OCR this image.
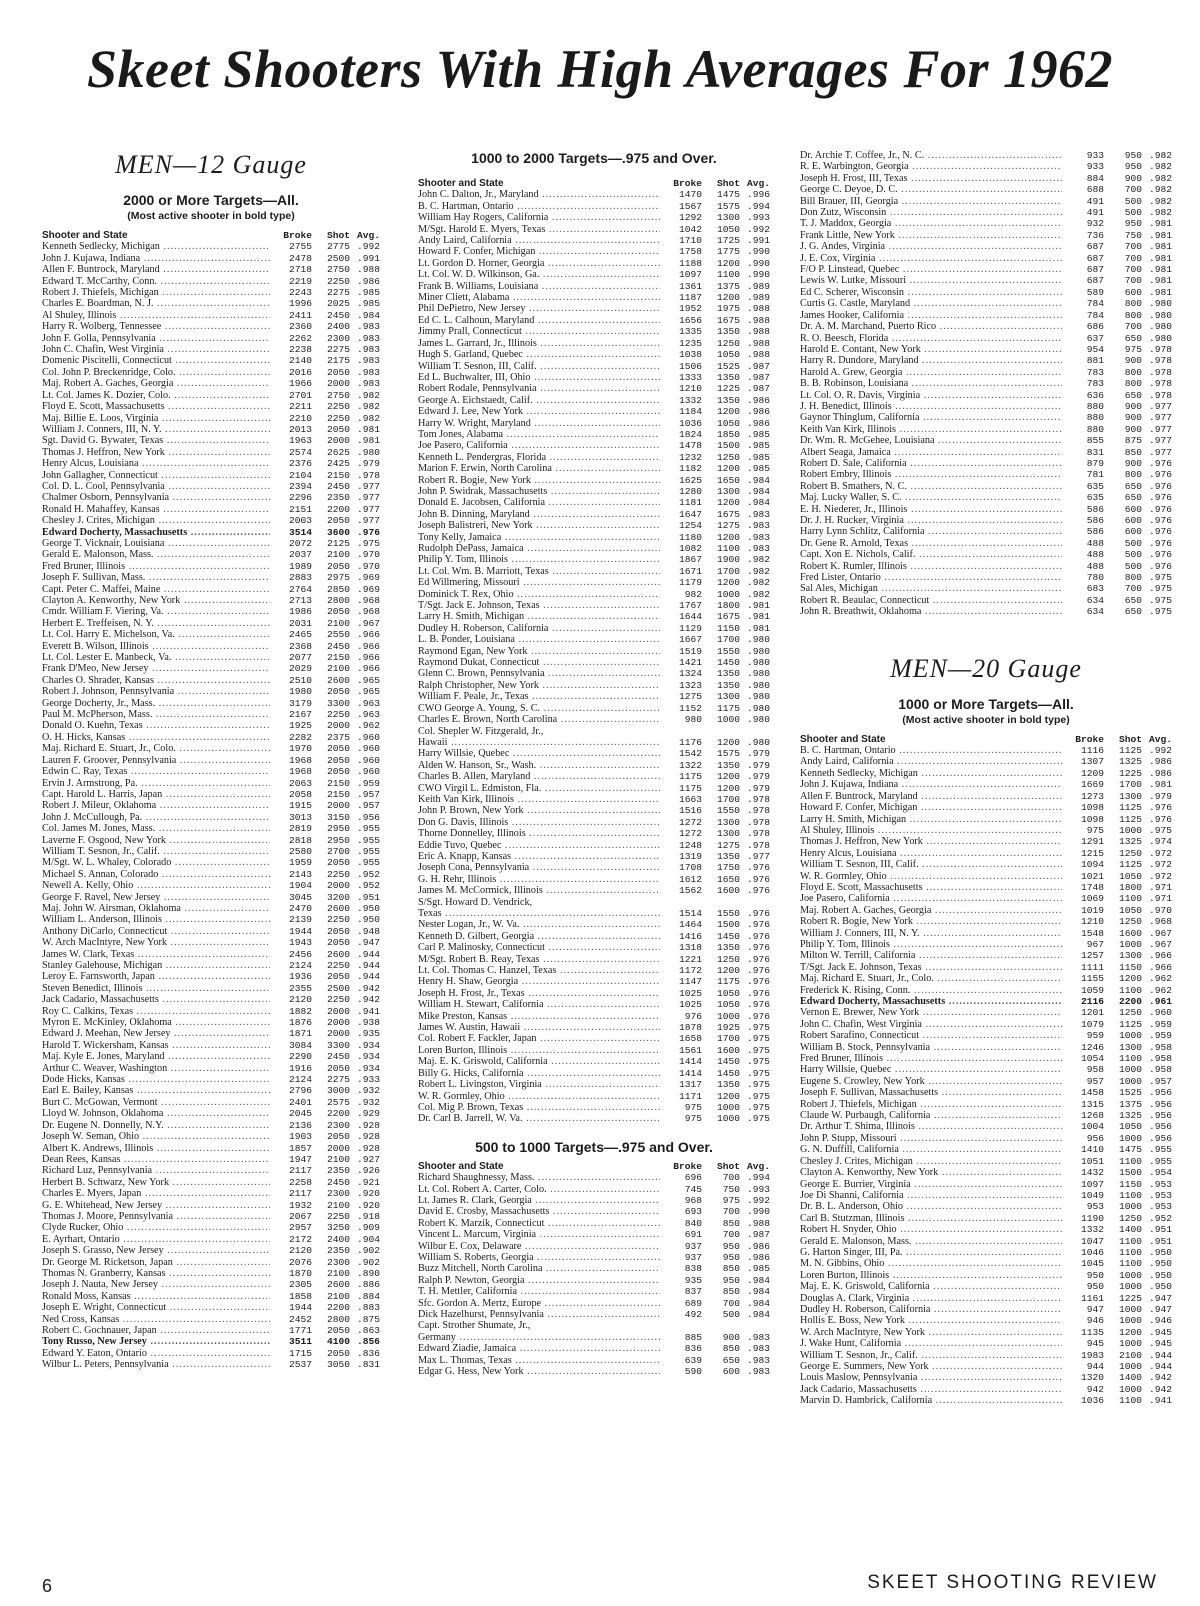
Skeet Shooters With High Averages For 1962
MEN—12 Gauge
2000 or More Targets—All.
(Most active shooter in bold type)
Shooter and State	Broke	Shot Avg.
Kenneth Sedlecky, Michigan .....	2755	2775 .992
John J. Kujawa, Indiana .....	2478	2500 .991
Allen F. Buntrock, Maryland .....	2718	2750 .988
Edward T. McCarthy, Conn. .....	2219	2250 .986
Robert J. Thiefels, Michigan .....	2243	2275 .985
Charles E. Boardman, N. J. .....	1996	2025 .985
Al Shuley, Illinois .....	2411	2450 .984
Harry R. Wolberg, Tennessee .....	2360	2400 .983
John F. Golla, Pennsylvania .....	2262	2300 .983
John C. Chafin, West Virginia .....	2238	2275 .983
Domenic Piscitelli, Connecticut .....	2140	2175 .983
Col. John P. Breckenridge, Colo. .....	2016	2050 .983
Maj. Robert A. Gaches, Georgia .....	1966	2000 .983
Lt. Col. James K. Dozier, Colo. .....	2701	2750 .982
Floyd E. Scott, Massachusetts .....	2211	2250 .982
Maj. Billie E. Loos, Virginia .....	2210	2250 .982
William J. Conners, III, N. Y. .....	2013	2050 .981
Sgt. David G. Bywater, Texas .....	1963	2000 .981
Thomas J. Heffron, New York .....	2574	2625 .980
Henry Alcus, Louisiana .....	2376	2425 .979
John Gallagher, Connecticut .....	2104	2150 .978
Col. D. L. Cool, Pennsylvania .....	2394	2450 .977
Chalmer Osborn, Pennsylvania .....	2296	2350 .977
Ronald H. Mahaffey, Kansas .....	2151	2200 .977
Chesley J. Crites, Michigan .....	2003	2050 .977
Edward Docherty, Massachusetts .....	3514	3600 .976
George T. Vicknair, Louisiana .....	2072	2125 .975
Gerald E. Malonson, Mass. .....	2037	2100 .970
Fred Bruner, Illinois .....	1989	2050 .970
Joseph F. Sullivan, Mass. .....	2883	2975 .969
Capt. Peter C. Maffei, Maine .....	2764	2850 .969
Clayton A. Kenworthy, New York .....	2713	2800 .968
Cmdr. William F. Viering, Va. .....	1986	2050 .968
Herbert E. Treffeisen, N. Y. .....	2031	2100 .967
Lt. Col. Harry E. Michelson, Va. .....	2465	2550 .966
Everett B. Wilson, Illinois .....	2368	2450 .966
Lt. Col. Lester E. Manbeck, Va. .....	2077	2150 .966
Frank D'Meo, New Jersey .....	2029	2100 .966
Charles O. Shrader, Kansas .....	2510	2600 .965
Robert J. Johnson, Pennsylvania .....	1980	2050 .965
George Docherty, Jr., Mass. .....	3179	3300 .963
Paul M. McPherson, Mass. .....	2167	2250 .963
Donald O. Kuehn, Texas .....	1925	2000 .962
O. H. Hicks, Kansas .....	2282	2375 .960
Maj. Richard E. Stuart, Jr., Colo. .....	1970	2050 .960
Lauren F. Groover, Pennsylvania .....	1968	2050 .960
Edwin C. Ray, Texas .....	1968	2050 .960
Ervin J. Armstrong, Pa. .....	2063	2150 .959
Capt. Harold L. Harris, Japan .....	2058	2150 .957
Robert J. Mileur, Oklahoma .....	1915	2000 .957
John J. McCullough, Pa. .....	3013	3150 .956
Col. James M. Jones, Mass. .....	2819	2950 .955
Laverne F. Osgood, New York .....	2818	2950 .955
William T. Sesnon, Jr., Calif. .....	2580	2700 .955
M/Sgt. W. L. Whaley, Colorado .....	1959	2050 .955
Michael S. Annan, Colorado .....	2143	2250 .952
Newell A. Kelly, Ohio .....	1904	2000 .952
George F. Ravel, New Jersey .....	3045	3200 .951
Maj. John W. Airsman, Oklahoma .....	2470	2600 .950
William L. Anderson, Illinois .....	2139	2250 .950
Anthony DiCarlo, Connecticut .....	1944	2050 .948
W. Arch MacIntyre, New York .....	1943	2050 .947
James W. Clark, Texas .....	2456	2600 .944
Stanley Galehouse, Michigan .....	2124	2250 .944
Leroy E. Farnsworth, Japan .....	1936	2050 .944
Steven Benedict, Illinois .....	2355	2500 .942
Jack Cadario, Massachusetts .....	2120	2250 .942
Roy C. Calkins, Texas .....	1882	2000 .941
Myron E. McKinley, Oklahoma .....	1876	2000 .938
Edward J. Meehan, New Jersey .....	1871	2000 .935
Harold T. Wickersham, Kansas .....	3084	3300 .934
Maj. Kyle E. Jones, Maryland .....	2290	2450 .934
Arthur C. Weaver, Washington .....	1916	2050 .934
Dode Hicks, Kansas .....	2124	2275 .933
Earl E. Bailey, Kansas .....	2796	3000 .932
Burt C. McGowan, Vermont .....	2401	2575 .932
Lloyd W. Johnson, Oklahoma .....	2045	2200 .929
Dr. Eugene N. Donnelly, N.Y. .....	2136	2300 .928
Joseph W. Seman, Ohio .....	1903	2050 .928
Albert K. Andrews, Illinois .....	1857	2000 .928
Dean Rees, Kansas .....	1947	2100 .927
Richard Luz, Pennsylvania .....	2117	2350 .926
Herbert B. Schwarz, New York .....	2258	2450 .921
Charles E. Myers, Japan .....	2117	2300 .920
G. E. Whitehead, New Jersey .....	1932	2100 .920
Thomas J. Moore, Pennsylvania .....	2067	2250 .918
Clyde Rucker, Ohio .....	2957	3250 .909
E. Ayrhart, Ontario .....	2172	2400 .904
Joseph S. Grasso, New Jersey .....	2120	2350 .902
Dr. George M. Ricketson, Japan .....	2076	2300 .902
Thomas N. Granberry, Kansas .....	1870	2100 .890
Joseph J. Nauta, New Jersey .....	2305	2600 .886
Ronald Moss, Kansas .....	1858	2100 .884
Joseph E. Wright, Connecticut .....	1944	2200 .883
Ned Cross, Kansas .....	2452	2800 .875
Robert C. Gochnauer, Japan .....	1771	2050 .863
Tony Russo, New Jersey .....	3511	4100 .856
Edward Y. Eaton, Ontario .....	1715	2050 .836
Wilbur L. Peters, Pennsylvania .....	2537	3050 .831
1000 to 2000 Targets—.975 and Over.
Shooter and State	Broke	Shot Avg.
John C. Dalton, Jr., Maryland .....	1470	1475 .996
B. C. Hartman, Ontario .....	1567	1575 .994
William Hay Rogers, California .....	1292	1300 .993
M/Sgt. Harold E. Myers, Texas .....	1042	1050 .992
Andy Laird, California .....	1710	1725 .991
Howard F. Confer, Michigan .....	1758	1775 .990
Lt. Gordon D. Horner, Georgia .....	1188	1200 .990
Lt. Col. W. D. Wilkinson, Ga. .....	1097	1100 .990
Frank B. Williams, Louisiana .....	1361	1375 .989
Miner Cliett, Alabama .....	1187	1200 .989
Phil DePietro, New Jersey .....	1952	1975 .988
Ed C. L. Calhoun, Maryland .....	1656	1675 .988
Jimmy Prall, Connecticut .....	1335	1350 .988
James L. Garrard, Jr., Illinois .....	1235	1250 .988
Hugh S. Garland, Quebec .....	1038	1050 .988
William T. Sesnon, III, Calif. .....	1506	1525 .987
Ed L. Buchwalter, III, Ohio .....	1333	1350 .987
Robert Rodale, Pennsylvania .....	1210	1225 .987
George A. Eichstaedt, Calif. .....	1332	1350 .986
Edward J. Lee, New York .....	1184	1200 .986
Harry W. Wright, Maryland .....	1036	1050 .986
Tom Jones, Alabama .....	1824	1850 .985
Joe Pasero, California .....	1478	1500 .985
Kenneth L. Pendergras, Florida .....	1232	1250 .985
Marion F. Erwin, North Carolina .....	1182	1200 .985
Robert R. Bogie, New York .....	1625	1650 .984
John P. Swidrak, Massachusetts .....	1280	1300 .984
Donald E. Jacobsen, California .....	1181	1200 .984
John B. Dinning, Maryland .....	1647	1675 .983
Joseph Balistreri, New York .....	1254	1275 .983
Tony Kelly, Jamaica .....	1180	1200 .983
Rudolph DePass, Jamaica .....	1082	1100 .983
Philip Y. Tom, Illinois .....	1867	1900 .982
Lt. Col. Wm. B. Marriott, Texas .....	1671	1700 .982
Ed Willmering, Missouri .....	1179	1200 .982
Dominick T. Rex, Ohio .....	982	1000 .982
T/Sgt. Jack E. Johnson, Texas .....	1767	1800 .981
Larry H. Smith, Michigan .....	1644	1675 .981
Dudley H. Roberson, California .....	1129	1150 .981
L. B. Ponder, Louisiana .....	1667	1700 .980
Raymond Egan, New York .....	1519	1550 .980
Raymond Dukat, Connecticut .....	1421	1450 .980
Glenn C. Brown, Pennsylvania .....	1324	1350 .980
Ralph Christopher, New York .....	1323	1350 .980
William F. Peale, Jr., Texas .....	1275	1300 .980
CWO George A. Young, S. C. .....	1152	1175 .980
Charles E. Brown, North Carolina .....	980	1000 .980
Col. Shepler W. Fitzgerald, Jr.,
Hawaii .....	1176	1200 .980
Harry Willsie, Quebec .....	1542	1575 .979
Alden W. Hanson, Sr., Wash. .....	1322	1350 .979
Charles B. Allen, Maryland .....	1175	1200 .979
CWO Virgil L. Edmiston, Fla. .....	1175	1200 .979
Keith Van Kirk, Illinois .....	1663	1700 .978
John P. Brown, New York .....	1516	1550 .978
Don G. Davis, Illinois .....	1272	1300 .978
Thorne Donnelley, Illinois .....	1272	1300 .978
Eddie Tuvo, Quebec .....	1248	1275 .978
Eric A. Knapp, Kansas .....	1319	1350 .977
Joseph Cona, Pennsylvania .....	1708	1750 .976
G. H. Rehr, Illinois .....	1612	1650 .976
James M. McCormick, Illinois .....	1562	1600 .976
S/Sgt. Howard D. Vendrick,
Texas .....	1514	1550 .976
Nester Logan, Jr., W. Va. .....	1464	1500 .976
Kenneth D. Gilbert, Georgia .....	1416	1450 .976
Carl P. Malinosky, Connecticut .....	1318	1350 .976
M/Sgt. Robert B. Reay, Texas .....	1221	1250 .976
Lt. Col. Thomas C. Hanzel, Texas .....	1172	1200 .976
Henry H. Shaw, Georgia .....	1147	1175 .976
Joseph H. Frost, Jr., Texas .....	1025	1050 .976
William H. Stewart, California .....	1025	1050 .976
Mike Preston, Kansas .....	976	1000 .976
James W. Austin, Hawaii .....	1878	1925 .975
Col. Robert F. Fackler, Japan .....	1658	1700 .975
Loren Burton, Illinois .....	1561	1600 .975
Maj. E. K. Griswold, California .....	1414	1450 .975
Billy G. Hicks, California .....	1414	1450 .975
Robert L. Livingston, Virginia .....	1317	1350 .975
W. R. Gormley, Ohio .....	1171	1200 .975
Col. Mig P. Brown, Texas .....	975	1000 .975
Dr. Carl B. Jarrell, W. Va. .....	975	1000 .975
500 to 1000 Targets—.975 and Over.
Shooter and State	Broke	Shot Avg.
Richard Shaughnessy, Mass. .....	696	700 .994
Lt. Col. Robert A. Carter, Colo. .....	745	750 .993
Lt. James R. Clark, Georgia .....	968	975 .992
David E. Crosby, Massachusetts .....	693	700 .990
Robert K. Marzik, Connecticut .....	840	850 .988
Vincent L. Marcum, Virginia .....	691	700 .987
Wilbur E. Cox, Delaware .....	937	950 .986
William S. Roberts, Georgia .....	937	950 .986
Buzz Mitchell, North Carolina .....	838	850 .985
Ralph P. Newton, Georgia .....	935	950 .984
T. H. Mettler, California .....	837	850 .984
Sfc. Gordon A. Mertz, Europe .....	689	700 .984
Dick Hazelhurst, Pennsylvania .....	492	500 .984
Capt. Strother Shumate, Jr.,
Germany .....	885	900 .983
Edward Ziadie, Jamaica .....	836	850 .983
Max L. Thomas, Texas .....	639	650 .983
Edgar G. Hess, New York .....	590	600 .983
Dr. Archie T. Coffee, Jr., N. C. .....	933	950 .982
R. E. Warbington, Georgia .....	933	950 .982
Joseph H. Frost, III, Texas .....	884	900 .982
George C. Deyoe, D. C. .....	688	700 .982
Bill Brauer, III, Georgia .....	491	500 .982
Don Zutz, Wisconsin .....	491	500 .982
T. J. Maddox, Georgia .....	932	950 .981
Frank Little, New York .....	736	750 .981
J. G. Andes, Virginia .....	687	700 .981
J. E. Cox, Virginia .....	687	700 .981
F/O P. Linstead, Quebec .....	687	700 .981
Lewis W. Lutke, Missouri .....	687	700 .981
Ed C. Scherer, Wisconsin .....	589	600 .981
Curtis G. Castle, Maryland .....	784	800 .980
James Hooker, California .....	784	800 .980
Dr. A. M. Marchand, Puerto Rico .....	686	700 .980
R. O. Beesch, Florida .....	637	650 .980
Harold E. Contant, New York .....	954	975 .978
Harry R. Dundore, Maryland .....	881	900 .978
Harold A. Grew, Georgia .....	783	800 .978
B. B. Robinson, Louisiana .....	783	800 .978
Lt. Col. O. R. Davis, Virginia .....	636	650 .978
J. H. Benedict, Illinois .....	880	900 .977
Gaynor Thinglum, California .....	880	900 .977
Keith Van Kirk, Illinois .....	880	900 .977
Dr. Wm. R. McGehee, Louisiana .....	855	875 .977
Albert Seaga, Jamaica .....	831	850 .977
Robert D. Sale, California .....	879	900 .976
Robert Embry, Illinois .....	781	800 .976
Robert B. Smathers, N. C. .....	635	650 .976
Maj. Lucky Waller, S. C. .....	635	650 .976
E. H. Niederer, Jr., Illinois .....	586	600 .976
Dr. J. H. Rucker, Virginia .....	586	600 .976
Harry Lynn Schlitz, California .....	586	600 .976
Dr. Gene R. Arnold, Texas .....	488	500 .976
Capt. Xon E. Nichols, Calif. .....	488	500 .976
Robert K. Rumler, Illinois .....	488	500 .976
Fred Lister, Ontario .....	780	800 .975
Sal Ales, Michigan .....	683	700 .975
Robert R. Beaulac, Connecticut .....	634	650 .975
John R. Breathwit, Oklahoma .....	634	650 .975
MEN—20 Gauge
1000 or More Targets—All.
(Most active shooter in bold type)
Shooter and State	Broke	Shot Avg.
B. C. Hartman, Ontario .....	1116	1125 .992
Andy Laird, California .....	1307	1325 .986
Kenneth Sedlecky, Michigan .....	1209	1225 .986
John J. Kujawa, Indiana .....	1669	1700 .981
Allen F. Buntrock, Maryland .....	1273	1300 .979
Howard F. Confer, Michigan .....	1098	1125 .976
Larry H. Smith, Michigan .....	1098	1125 .976
Al Shuley, Illinois .....	975	1000 .975
Thomas J. Heffron, New York .....	1291	1325 .974
Henry Alcus, Louisiana .....	1215	1250 .972
William T. Sesnon, III, Calif. .....	1094	1125 .972
W. R. Gormley, Ohio .....	1021	1050 .972
Floyd E. Scott, Massachusetts .....	1748	1800 .971
Joe Pasero, California .....	1069	1100 .971
Maj. Robert A. Gaches, Georgia .....	1019	1050 .970
Robert R. Bogie, New York .....	1210	1250 .968
William J. Conners, III, N. Y. .....	1548	1600 .967
Philip Y. Tom, Illinois .....	967	1000 .967
Milton W. Terrill, California .....	1257	1300 .966
T/Sgt. Jack E. Johnson, Texas .....	1111	1150 .966
Maj. Richard E. Stuart, Jr., Colo. .....	1155	1200 .962
Frederick K. Rising, Conn. .....	1059	1100 .962
Edward Docherty, Massachusetts .....	2116	2200 .961
Vernon E. Brewer, New York .....	1201	1250 .960
John C. Chafin, West Virginia .....	1079	1125 .959
Robert Sarafino, Connecticut .....	959	1000 .959
William B. Stock, Pennsylvania .....	1246	1300 .958
Fred Bruner, Illinois .....	1054	1100 .958
Harry Willsie, Quebec .....	958	1000 .958
Eugene S. Crowley, New York .....	957	1000 .957
Joseph F. Sullivan, Massachusetts .....	1458	1525 .956
Robert J. Thiefels, Michigan .....	1315	1375 .956
Claude W. Purbaugh, California .....	1268	1325 .956
Dr. Arthur T. Shima, Illinois .....	1004	1050 .956
John P. Stupp, Missouri .....	956	1000 .956
G. N. Duffill, California .....	1410	1475 .955
Chesley J. Crites, Michigan .....	1051	1100 .955
Clayton A. Kenworthy, New York .....	1432	1500 .954
George E. Burrier, Virginia .....	1097	1150 .953
Joe Di Shanni, California .....	1049	1100 .953
Dr. B. L. Anderson, Ohio .....	953	1000 .953
Carl B. Stutzman, Illinois .....	1190	1250 .952
Robert H. Snyder, Ohio .....	1332	1400 .951
Gerald E. Malonson, Mass. .....	1047	1100 .951
G. Harton Singer, III, Pa. .....	1046	1100 .950
M. N. Gibbins, Ohio .....	1045	1100 .950
Loren Burton, Illinois .....	950	1000 .950
Maj. E. K. Griswold, California .....	950	1000 .950
Douglas A. Clark, Virginia .....	1161	1225 .947
Dudley H. Roberson, California .....	947	1000 .947
Hollis E. Boss, New York .....	946	1000 .946
W. Arch MacIntyre, New York .....	1135	1200 .945
J. Wake Hunt, California .....	945	1000 .945
William T. Sesnon, Jr., Calif. .....	1983	2100 .944
George E. Summers, New York .....	944	1000 .944
Louis Maslow, Pennsylvania .....	1320	1400 .942
Jack Cadario, Massachusetts .....	942	1000 .942
Marvin D. Hambrick, California .....	1036	1100 .941
6	SKEET SHOOTING REVIEW
